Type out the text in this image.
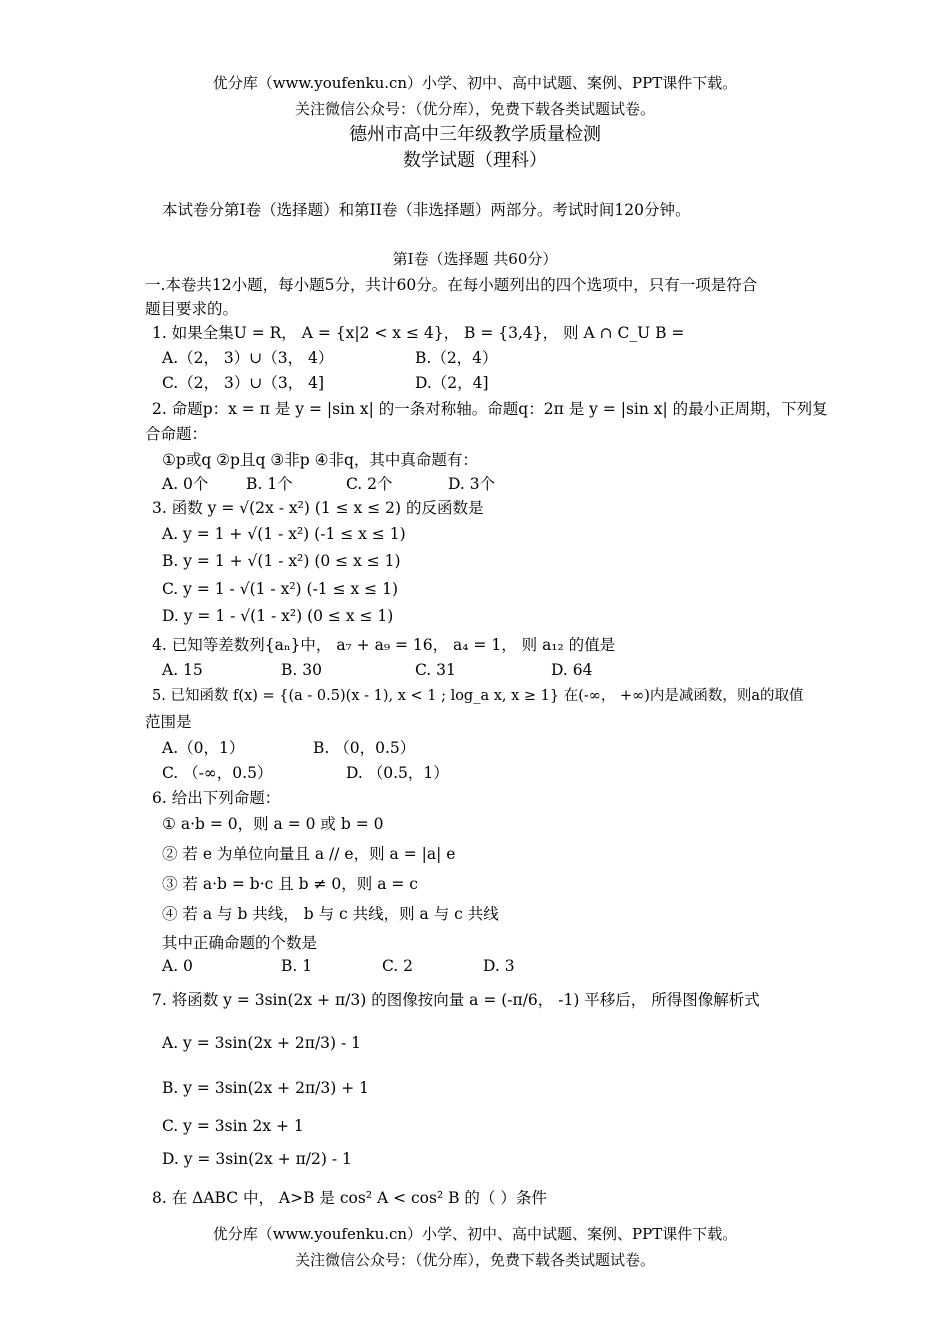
优分库（www.youfenku.cn）小学、初中、高中试题、案例、PPT课件下载。
关注微信公众号：（优分库），免费下载各类试题试卷。
德州市高中三年级教学质量检测
数学试题（理科）
本试卷分第I卷（选择题）和第II卷（非选择题）两部分。考试时间120分钟。
第I卷（选择题 共60分）
一.本卷共12小题，每小题5分，共计60分。在每小题列出的四个选项中，只有一项是符合
题目要求的。
1. 如果全集U = R， A = {x|2 < x ≤ 4}， B = {3,4}， 则 A ∩ C_U B =
A.（2， 3）∪（3， 4）	B.（2，4）
C.（2， 3）∪（3， 4]	D.（2，4]
2. 命题p：x = π 是 y = |sin x| 的一条对称轴。命题q：2π 是 y = |sin x| 的最小正周期，下列复
合命题：
①p或q ②p且q ③非p ④非q，其中真命题有：
A. 0个 B. 1个	C. 2个	D. 3个
3. 函数 y = √(2x - x²) (1 ≤ x ≤ 2) 的反函数是
A. y = 1 + √(1 - x²) (-1 ≤ x ≤ 1)
B. y = 1 + √(1 - x²) (0 ≤ x ≤ 1)
C. y = 1 - √(1 - x²) (-1 ≤ x ≤ 1)
D. y = 1 - √(1 - x²) (0 ≤ x ≤ 1)
4. 已知等差数列{aₙ}中， a₇ + a₉ = 16， a₄ = 1， 则 a₁₂ 的值是
A. 15	B. 30	C. 31	D. 64
5. 已知函数 f(x) = {(a - 0.5)(x - 1), x < 1 ; log_a x, x ≥ 1} 在(-∞， +∞)内是减函数，则a的取值
范围是
A.（0，1）	B. （0，0.5）
C. （-∞，0.5）	D. （0.5，1）
6. 给出下列命题：
① a·b = 0，则 a = 0 或 b = 0
② 若 e 为单位向量且 a // e，则 a = |a| e
③ 若 a·b = b·c 且 b ≠ 0，则 a = c
④ 若 a 与 b 共线， b 与 c 共线，则 a 与 c 共线
其中正确命题的个数是
A. 0	B. 1	C. 2	D. 3
7. 将函数 y = 3sin(2x + π/3) 的图像按向量 a = (-π/6， -1) 平移后， 所得图像解析式
A. y = 3sin(2x + 2π/3) - 1
B. y = 3sin(2x + 2π/3) + 1
C. y = 3sin 2x + 1
D. y = 3sin(2x + π/2) - 1
8. 在 ΔABC 中， A>B 是 cos² A < cos² B 的（ ）条件
优分库（www.youfenku.cn）小学、初中、高中试题、案例、PPT课件下载。
关注微信公众号：（优分库），免费下载各类试题试卷。
